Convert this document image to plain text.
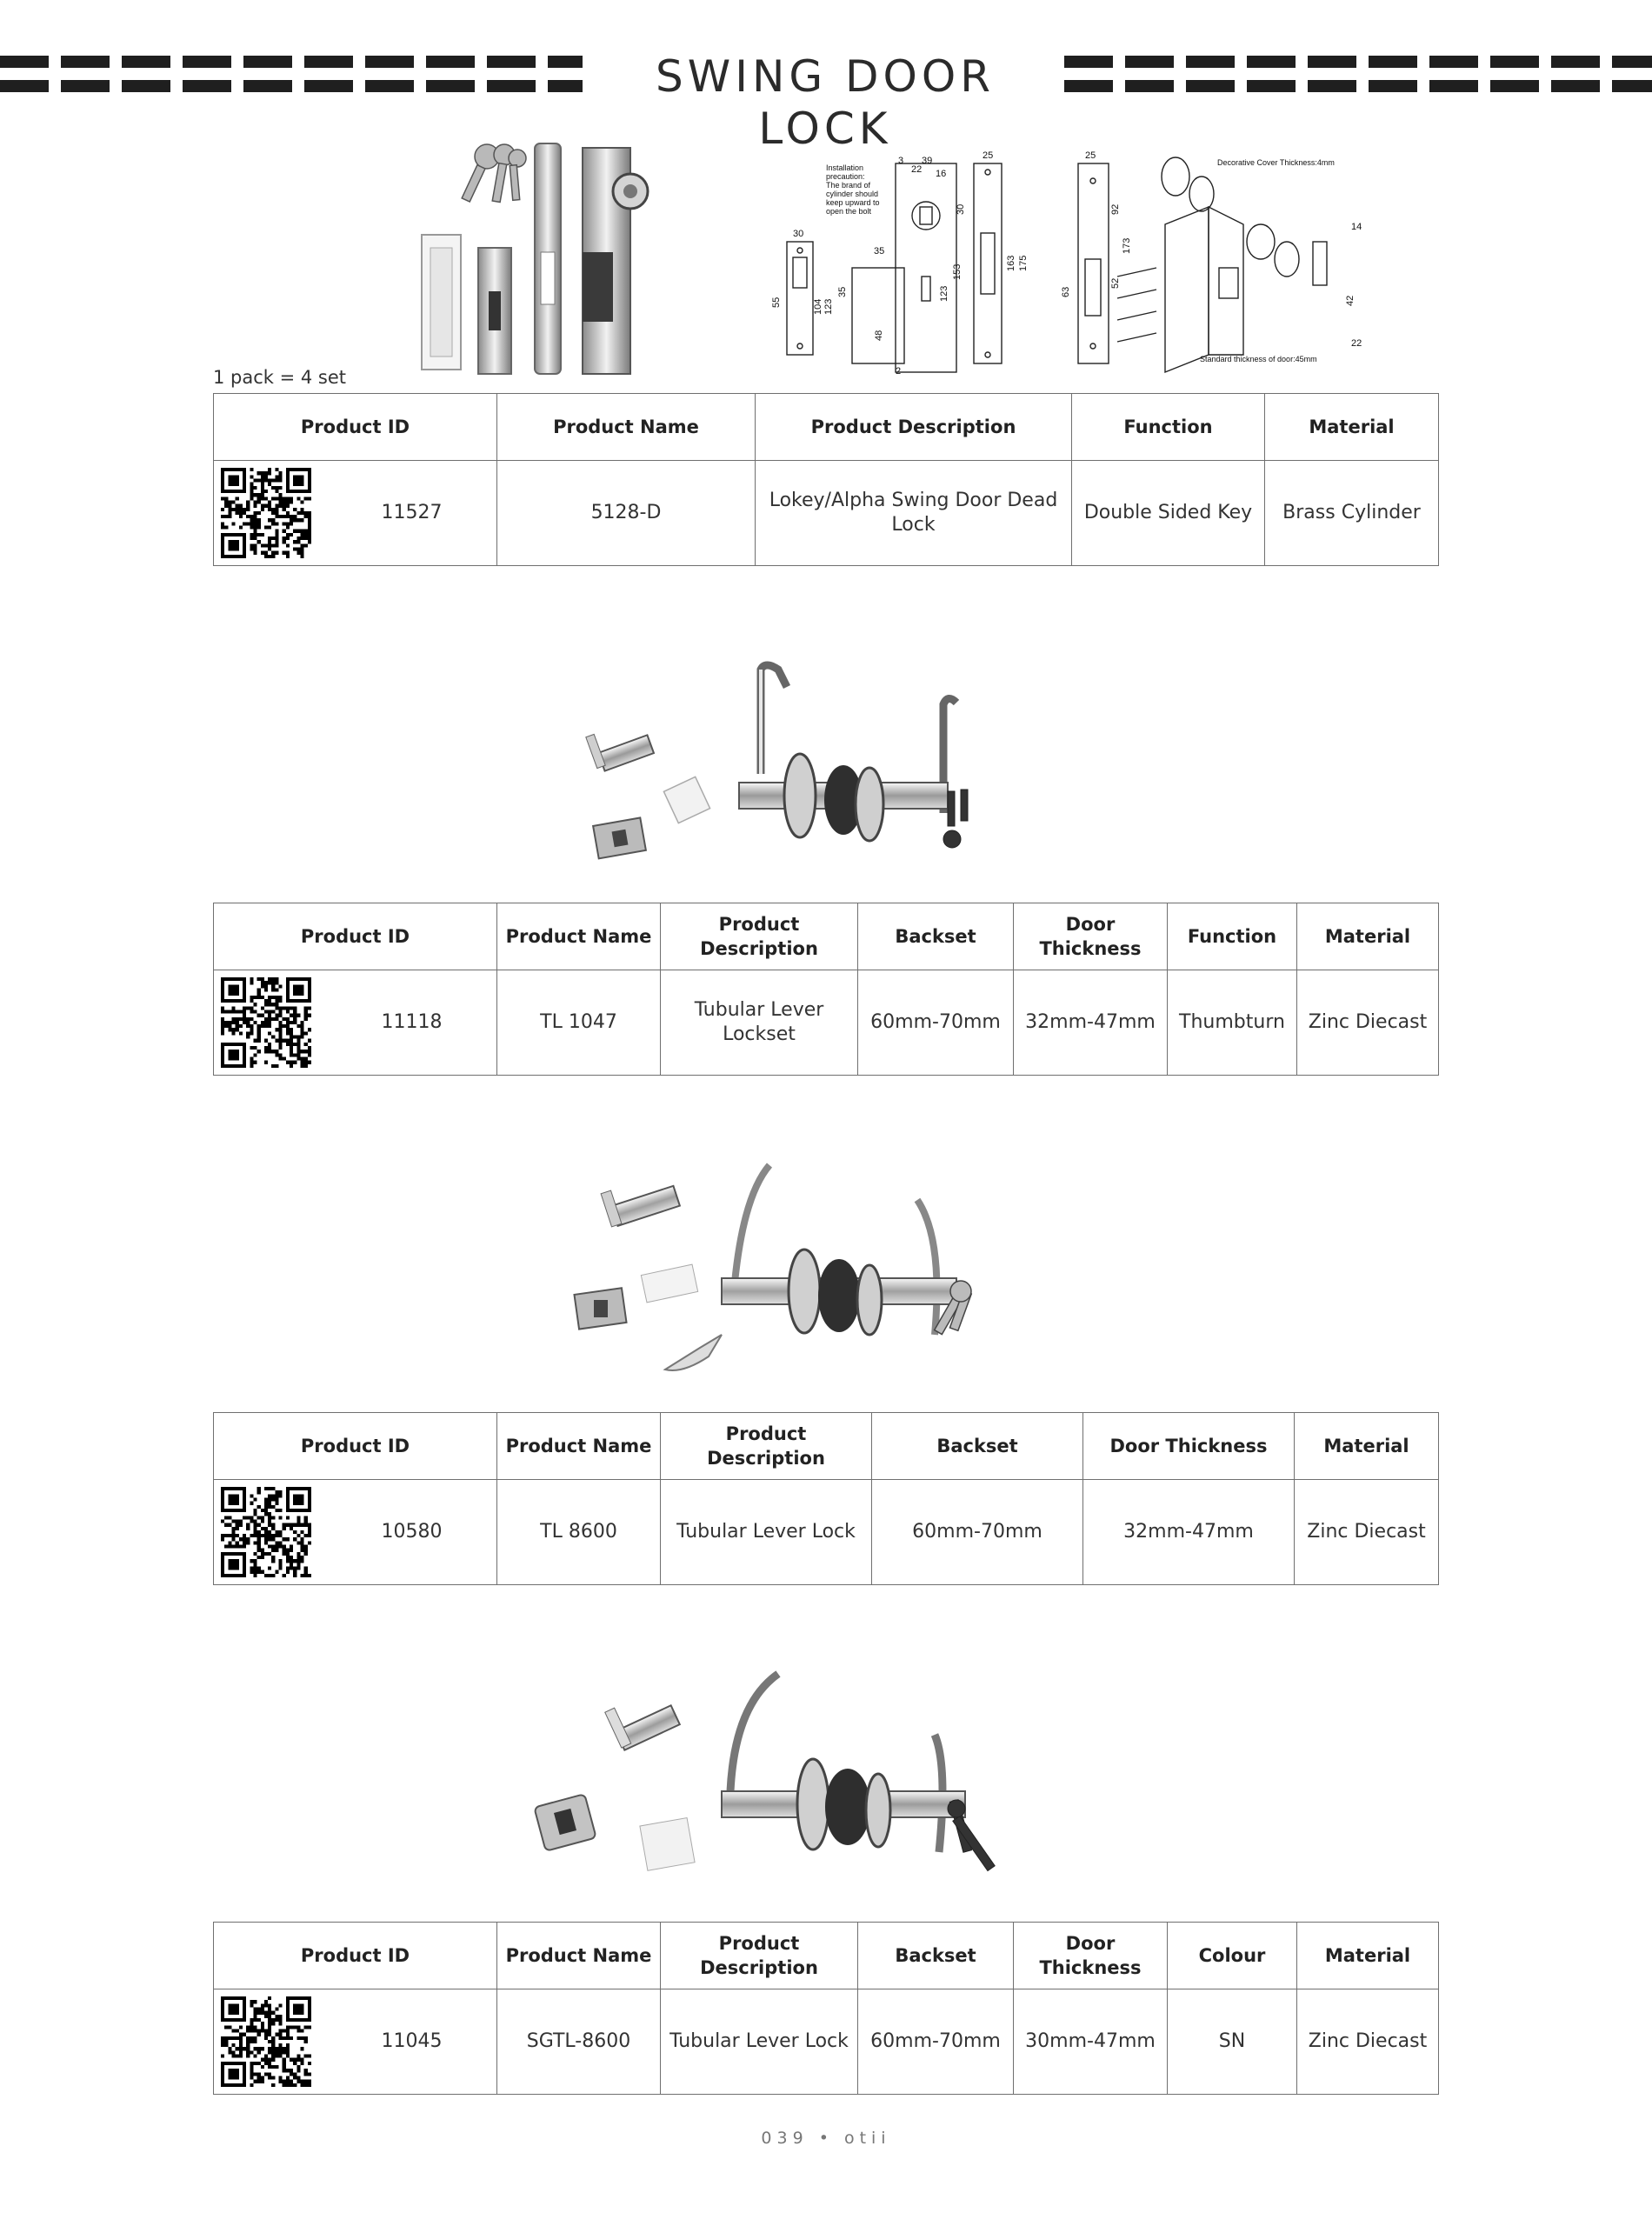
SWING DOOR LOCK
Installation
precaution:
The brand of
cylinder should
keep upward to
open the bolt
Decorative Cover Thickness:4mm
Standard thickness of door:45mm
30
55	104 123
35
35
48
3 39
22 16
30
153
123
2
25
163 175
25
92
173
63
52
14
42
22
1 pack = 4 set
Product ID	Product Name	Product Description	Function	Material

11527	5128-D	Lokey/Alpha Swing Door Dead Lock	Double Sided Key	Brass Cylinder
Product ID	Product Name	Product Description	Backset	Door Thickness	Function	Material

11118	TL 1047	Tubular Lever Lockset	60mm-70mm	32mm-47mm	Thumbturn	Zinc Diecast
Product ID	Product Name	Product Description	Backset	Door Thickness	Material

10580	TL 8600	Tubular Lever Lock	60mm-70mm	32mm-47mm	Zinc Diecast
Product ID	Product Name	Product Description	Backset	Door Thickness	Colour	Material

11045	SGTL-8600	Tubular Lever Lock	60mm-70mm	30mm-47mm	SN	Zinc Diecast
039 • otii
